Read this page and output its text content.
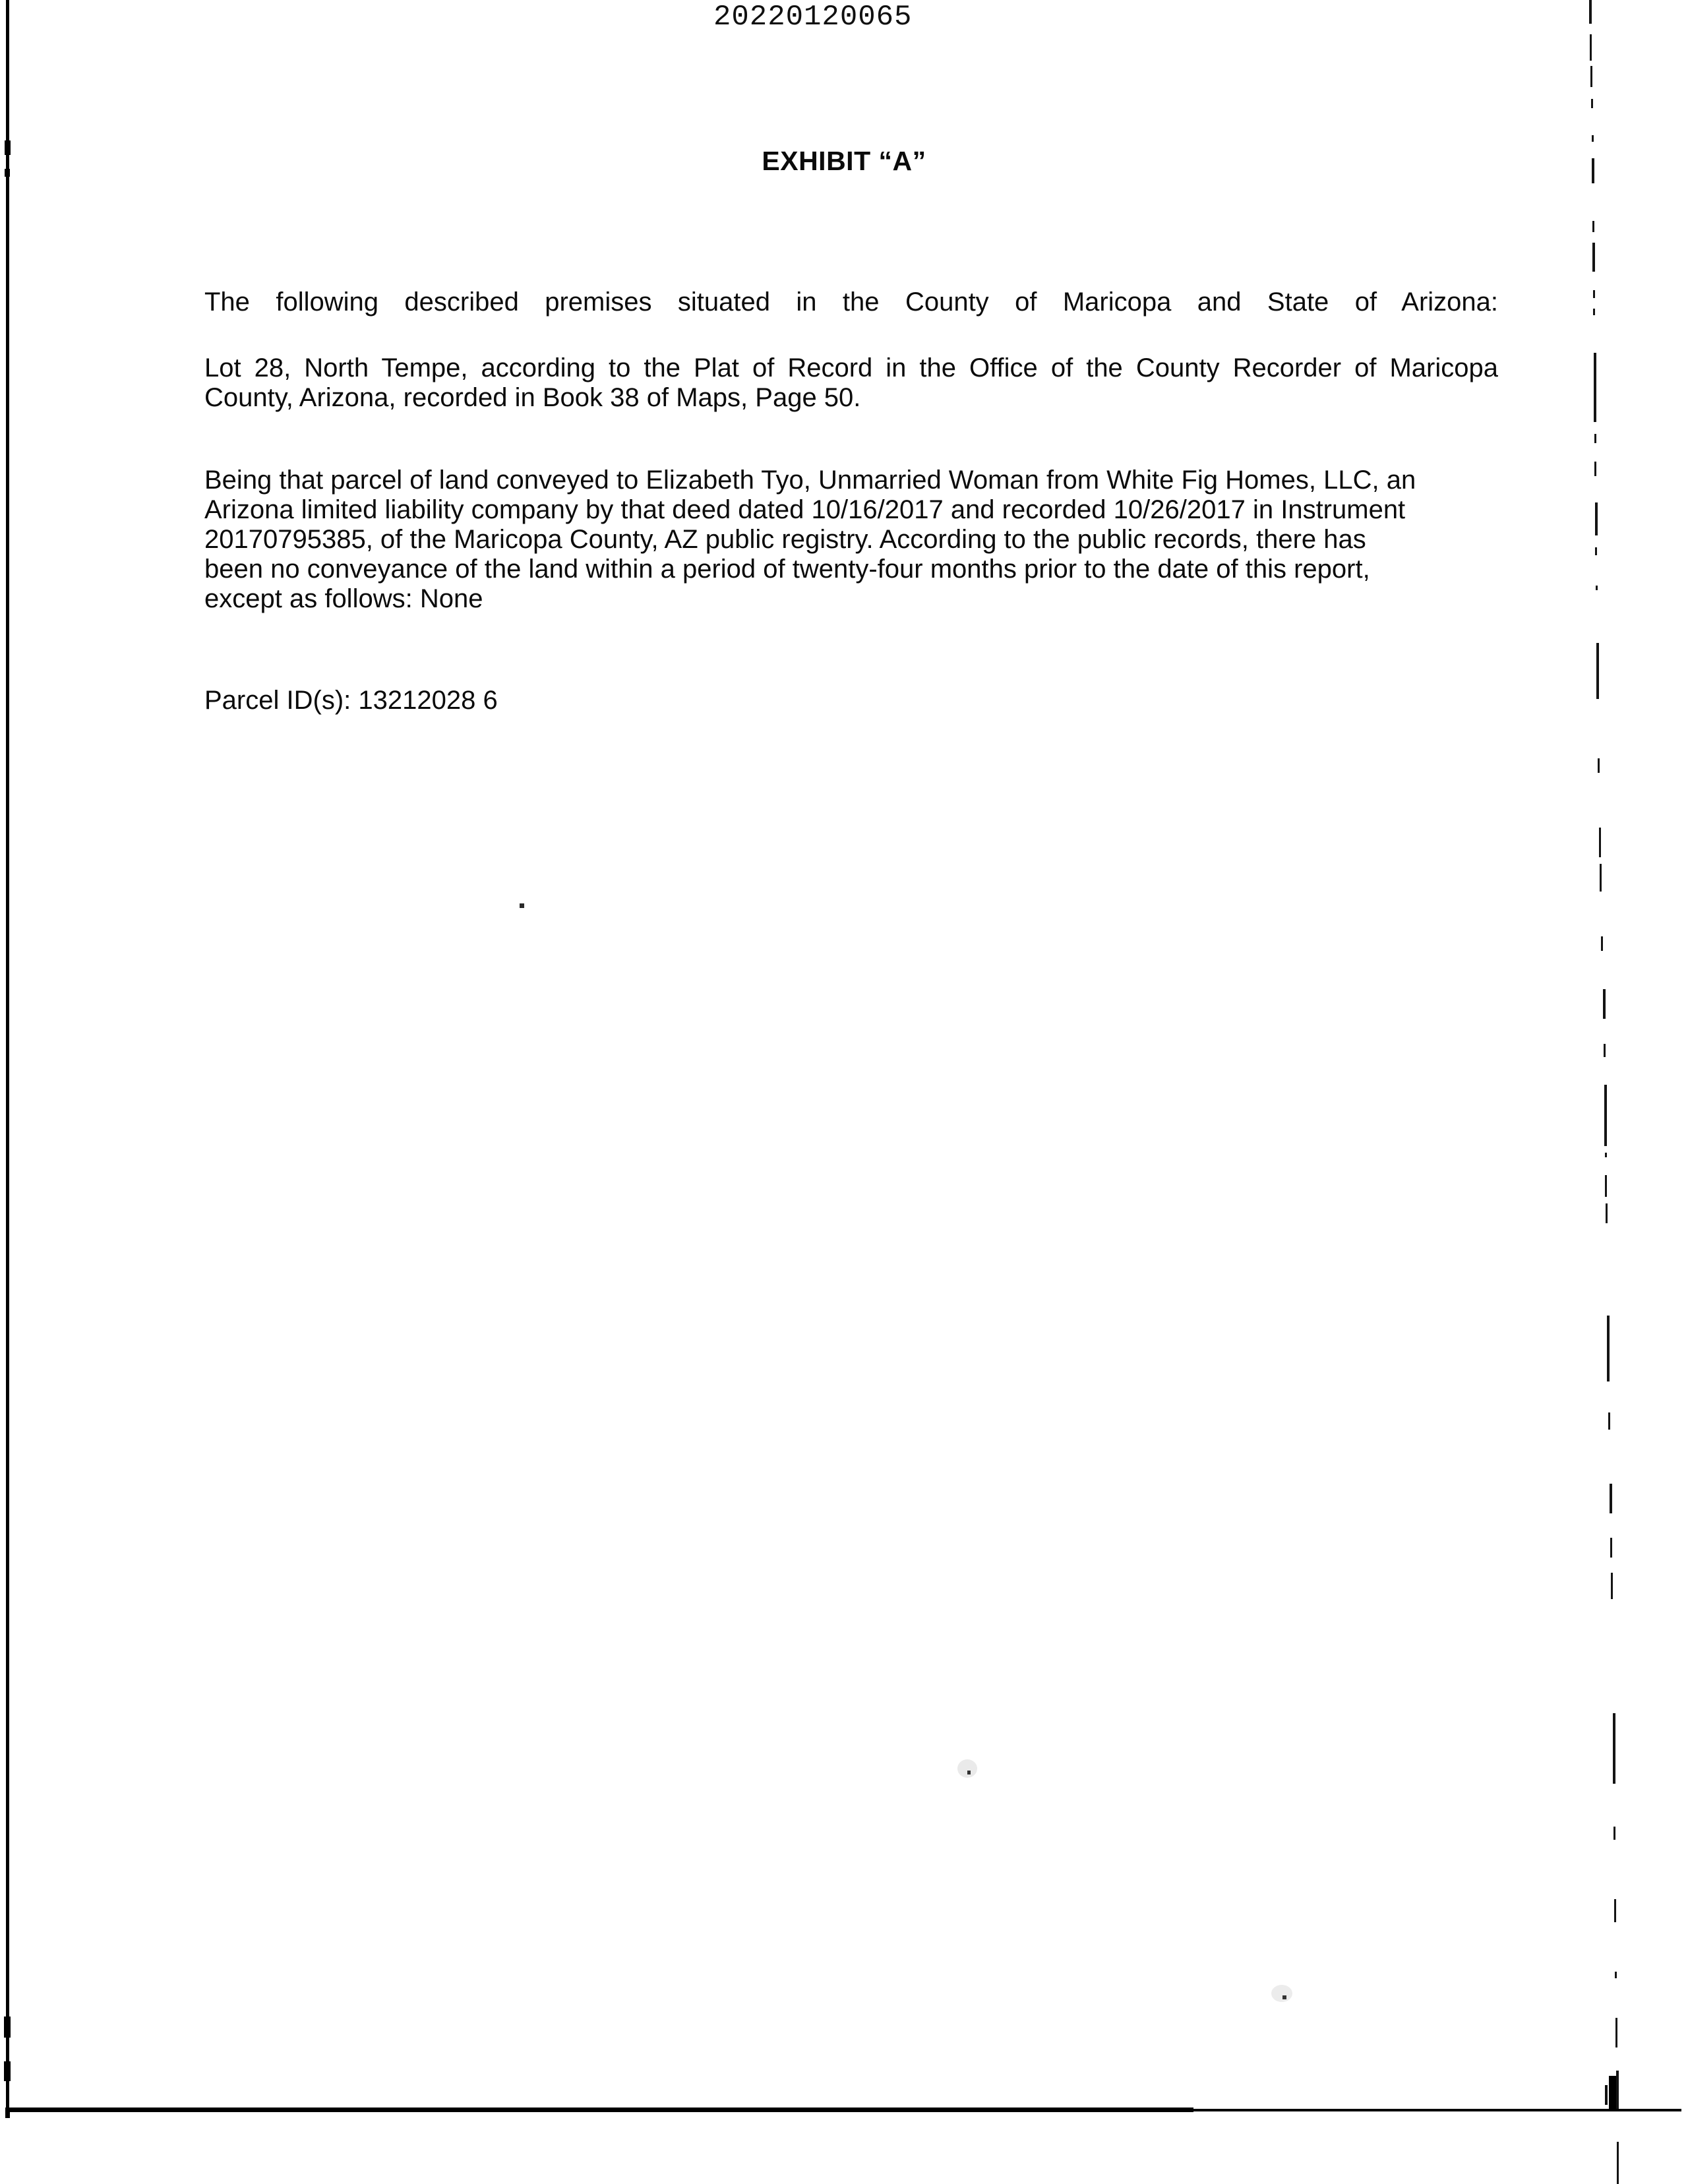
20220120065
EXHIBIT “A”
The following described premises situated in the County of Maricopa and State of Arizona:
Lot 28, North Tempe, according to the Plat of Record in the Office of the County Recorder of Maricopa
County, Arizona, recorded in Book 38 of Maps, Page 50.
Being that parcel of land conveyed to Elizabeth Tyo, Unmarried Woman from White Fig Homes, LLC, an
Arizona limited liability company by that deed dated 10/16/2017 and recorded 10/26/2017 in Instrument
20170795385, of the Maricopa County, AZ public registry. According to the public records, there has
been no conveyance of the land within a period of twenty-four months prior to the date of this report,
except as follows: None
Parcel ID(s): 13212028 6
